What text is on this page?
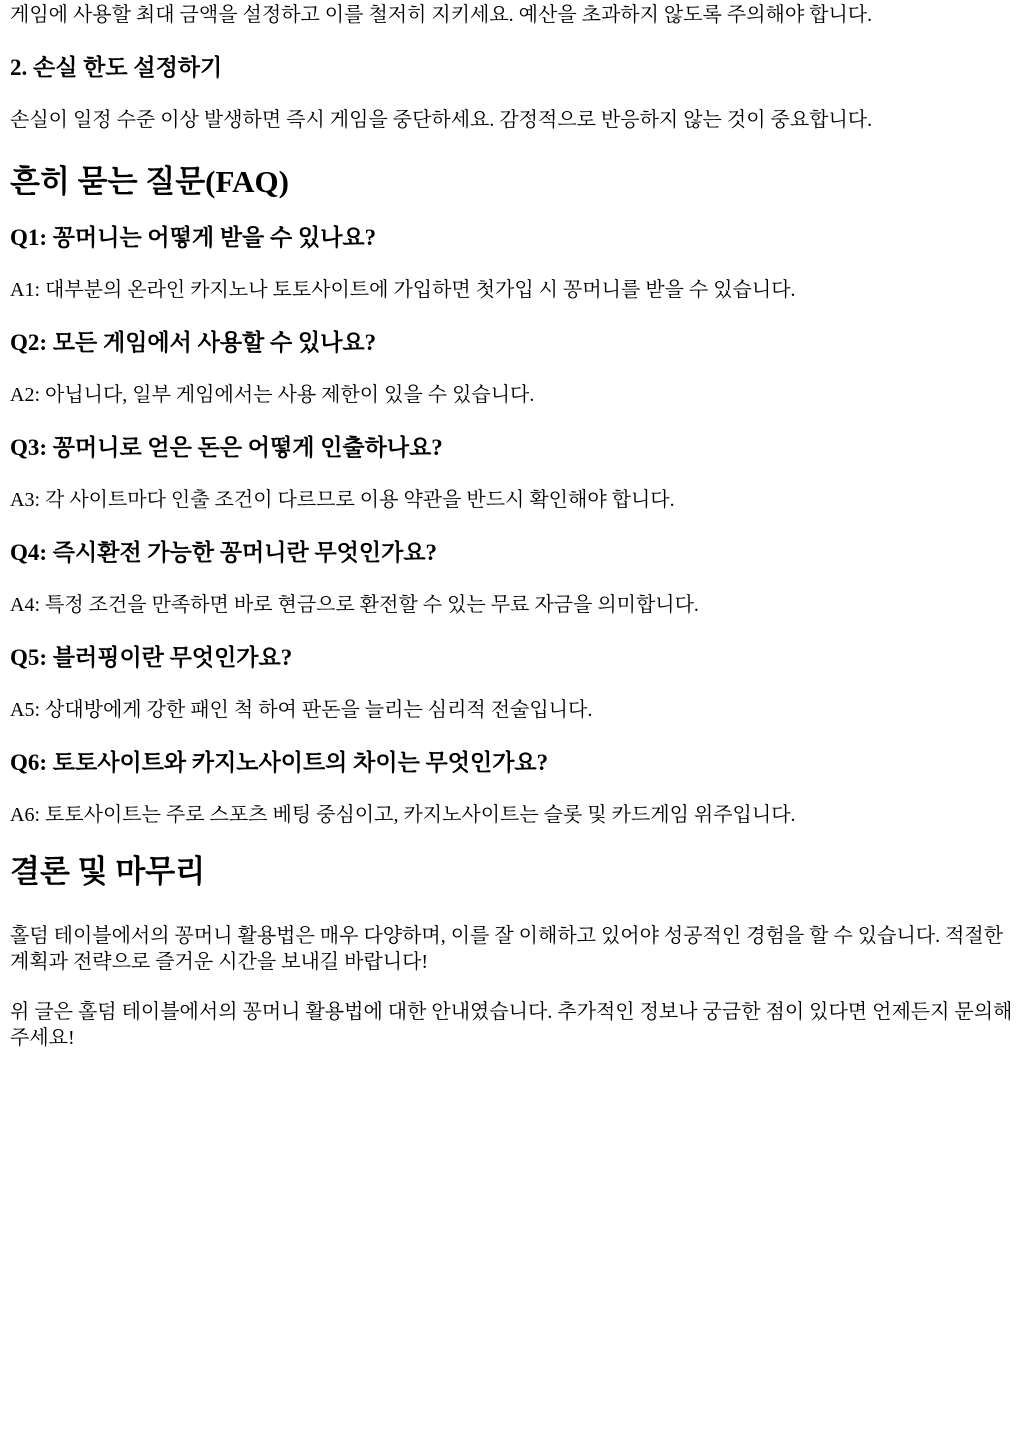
게임에 사용할 최대 금액을 설정하고 이를 철저히 지키세요. 예산을 초과하지 않도록 주의해야 합니다.

2. 손실 한도 설정하기

손실이 일정 수준 이상 발생하면 즉시 게임을 중단하세요. 감정적으로 반응하지 않는 것이 중요합니다.

흔히 묻는 질문(FAQ)
Q1: 꽁머니는 어떻게 받을 수 있나요?

A1: 대부분의 온라인 카지노나 토토사이트에 가입하면 첫가입 시 꽁머니를 받을 수 있습니다.

Q2: 모든 게임에서 사용할 수 있나요?

A2: 아닙니다, 일부 게임에서는 사용 제한이 있을 수 있습니다.

Q3: 꽁머니로 얻은 돈은 어떻게 인출하나요?

A3: 각 사이트마다 인출 조건이 다르므로 이용 약관을 반드시 확인해야 합니다.

Q4: 즉시환전 가능한 꽁머니란 무엇인가요?

A4: 특정 조건을 만족하면 바로 현금으로 환전할 수 있는 무료 자금을 의미합니다.

Q5: 블러핑이란 무엇인가요?

A5: 상대방에게 강한 패인 척 하여 판돈을 늘리는 심리적 전술입니다.

Q6: 토토사이트와 카지노사이트의 차이는 무엇인가요?

A6: 토토사이트는 주로 스포츠 베팅 중심이고, 카지노사이트는 슬롯 및 카드게임 위주입니다.

결론 및 마무리

홀덤 테이블에서의 꽁머니 활용법은 매우 다양하며, 이를 잘 이해하고 있어야 성공적인 경험을 할 수 있습니다. 적절한 계획과 전략으로 즐거운 시간을 보내길 바랍니다!

위 글은 홀덤 테이블에서의 꽁머니 활용법에 대한 안내였습니다. 추가적인 정보나 궁금한 점이 있다면 언제든지 문의해 주세요!
